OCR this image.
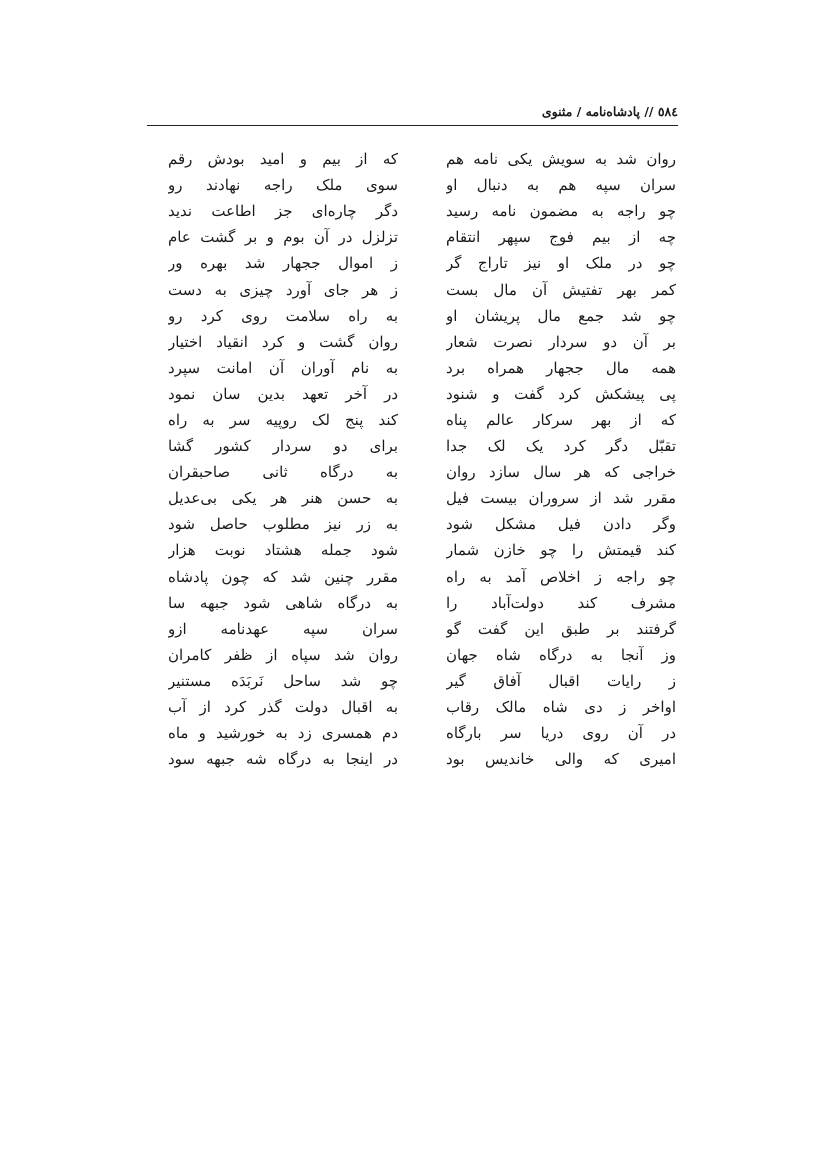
٥٨٤ // پادشاه‌نامه / مثنوی
روان شد به سویش یکی نامه هم
که از بیم و امید بودش رقم
سران سپه هم به دنبال او
سوی ملک راجه نهادند رو
چو راجه به مضمون نامه رسید
دگر چاره‌ای جز اطاعت ندید
چه از بیم فوج سپهر انتقام
تزلزل در آن بوم و بر گشت عام
چو در ملک او نیز تاراج گر
ز اموال ججهار شد بهره ور
کمر بهر تفتیش آن مال بست
ز هر جای آورد چیزی به دست
چو شد جمع مال پریشان او
به راه سلامت روی کرد رو
بر آن دو سردار نصرت شعار
روان گشت و کرد انقیاد اختیار
همه مال ججهار همراه برد
به نام آوران آن امانت سپرد
پی پیشکش کرد گفت و شنود
در آخر تعهد بدین سان نمود
که از بهر سرکار عالم پناه
کند پنج لک روپیه سر به راه
تقبّل دگر کرد یک لک جدا
برای دو سردار کشور گشا
خراجی که هر سال سازد روان
به درگاه ثانی صاحبقران
مقرر شد از سروران بیست فیل
به حسن هنر هر یکی بی‌عدیل
وگر دادن فیل مشکل شود
به زر نیز مطلوب حاصل شود
کند قیمتش را چو خازن شمار
شود جمله هشتاد نوبت هزار
چو راجه ز اخلاص آمد به راه
مقرر چنین شد که چون پادشاه
مشرف کند دولت‌آباد را
به درگاه شاهی شود جبهه سا
گرفتند بر طبق این گفت گو
سران سپه عهدنامه ازو
وز آنجا به درگاه شاه جهان
روان شد سپاه از ظفر کامران
ز رایات اقبال آفاق گیر
چو شد ساحل نَربَدَه مستنیر
اواخر ز دی شاه مالک رقاب
به اقبال دولت گذر کرد از آب
در آن روی دریا سر بارگاه
دم همسری زد به خورشید و ماه
امیری که والی خاندیس بود
در اینجا به درگاه شه جبهه سود
